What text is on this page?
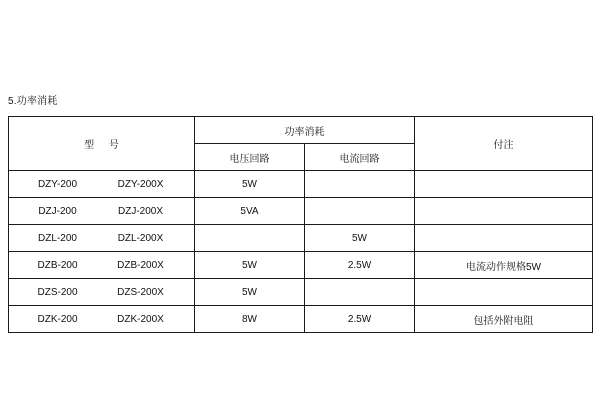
5.功率消耗
型 号	功率消耗		付注
	电压回路	电流回路	

DZY-200 DZY-200X	5W		

DZJ-200 DZJ-200X	5VA		

DZL-200 DZL-200X		5W	

DZB-200 DZB-200X	5W	2.5W	电流动作规格5W

DZS-200 DZS-200X	5W		

DZK-200 DZK-200X	8W	2.5W	包括外附电阻
